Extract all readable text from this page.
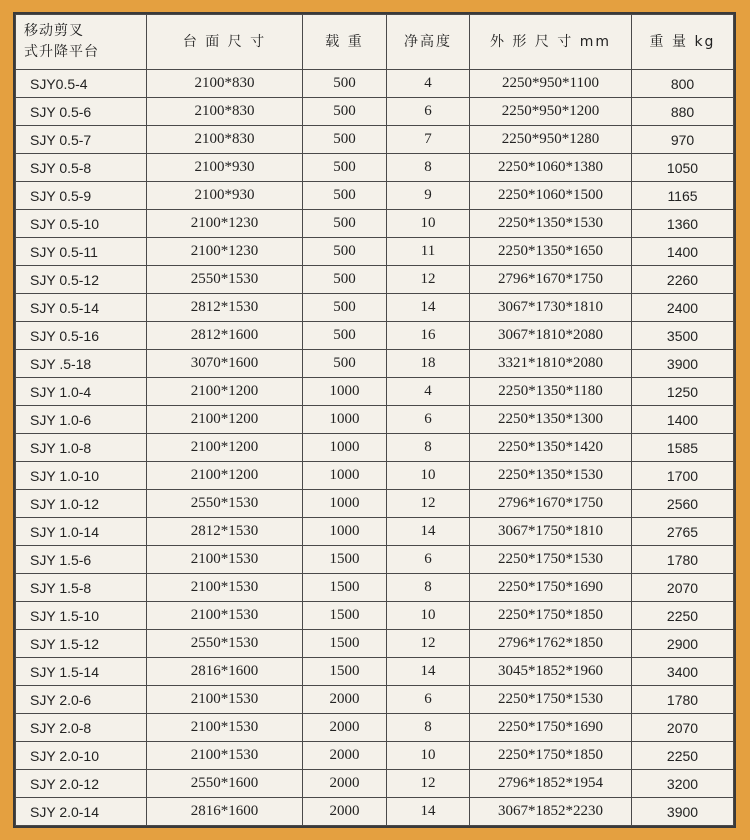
移动剪叉
式升降平台	台 面 尺 寸	载 重	净高度	外 形 尺 寸 mm	重 量 kg
SJY0.5-4	2100*830	500	4	2250*950*1100	800
SJY 0.5-6	2100*830	500	6	2250*950*1200	880
SJY 0.5-7	2100*830	500	7	2250*950*1280	970
SJY 0.5-8	2100*930	500	8	2250*1060*1380	1050
SJY 0.5-9	2100*930	500	9	2250*1060*1500	1165
SJY 0.5-10	2100*1230	500	10	2250*1350*1530	1360
SJY 0.5-11	2100*1230	500	11	2250*1350*1650	1400
SJY 0.5-12	2550*1530	500	12	2796*1670*1750	2260
SJY 0.5-14	2812*1530	500	14	3067*1730*1810	2400
SJY 0.5-16	2812*1600	500	16	3067*1810*2080	3500
SJY .5-18	3070*1600	500	18	3321*1810*2080	3900
SJY 1.0-4	2100*1200	1000	4	2250*1350*1180	1250
SJY 1.0-6	2100*1200	1000	6	2250*1350*1300	1400
SJY 1.0-8	2100*1200	1000	8	2250*1350*1420	1585
SJY 1.0-10	2100*1200	1000	10	2250*1350*1530	1700
SJY 1.0-12	2550*1530	1000	12	2796*1670*1750	2560
SJY 1.0-14	2812*1530	1000	14	3067*1750*1810	2765
SJY 1.5-6	2100*1530	1500	6	2250*1750*1530	1780
SJY 1.5-8	2100*1530	1500	8	2250*1750*1690	2070
SJY 1.5-10	2100*1530	1500	10	2250*1750*1850	2250
SJY 1.5-12	2550*1530	1500	12	2796*1762*1850	2900
SJY 1.5-14	2816*1600	1500	14	3045*1852*1960	3400
SJY 2.0-6	2100*1530	2000	6	2250*1750*1530	1780
SJY 2.0-8	2100*1530	2000	8	2250*1750*1690	2070
SJY 2.0-10	2100*1530	2000	10	2250*1750*1850	2250
SJY 2.0-12	2550*1600	2000	12	2796*1852*1954	3200
SJY 2.0-14	2816*1600	2000	14	3067*1852*2230	3900
